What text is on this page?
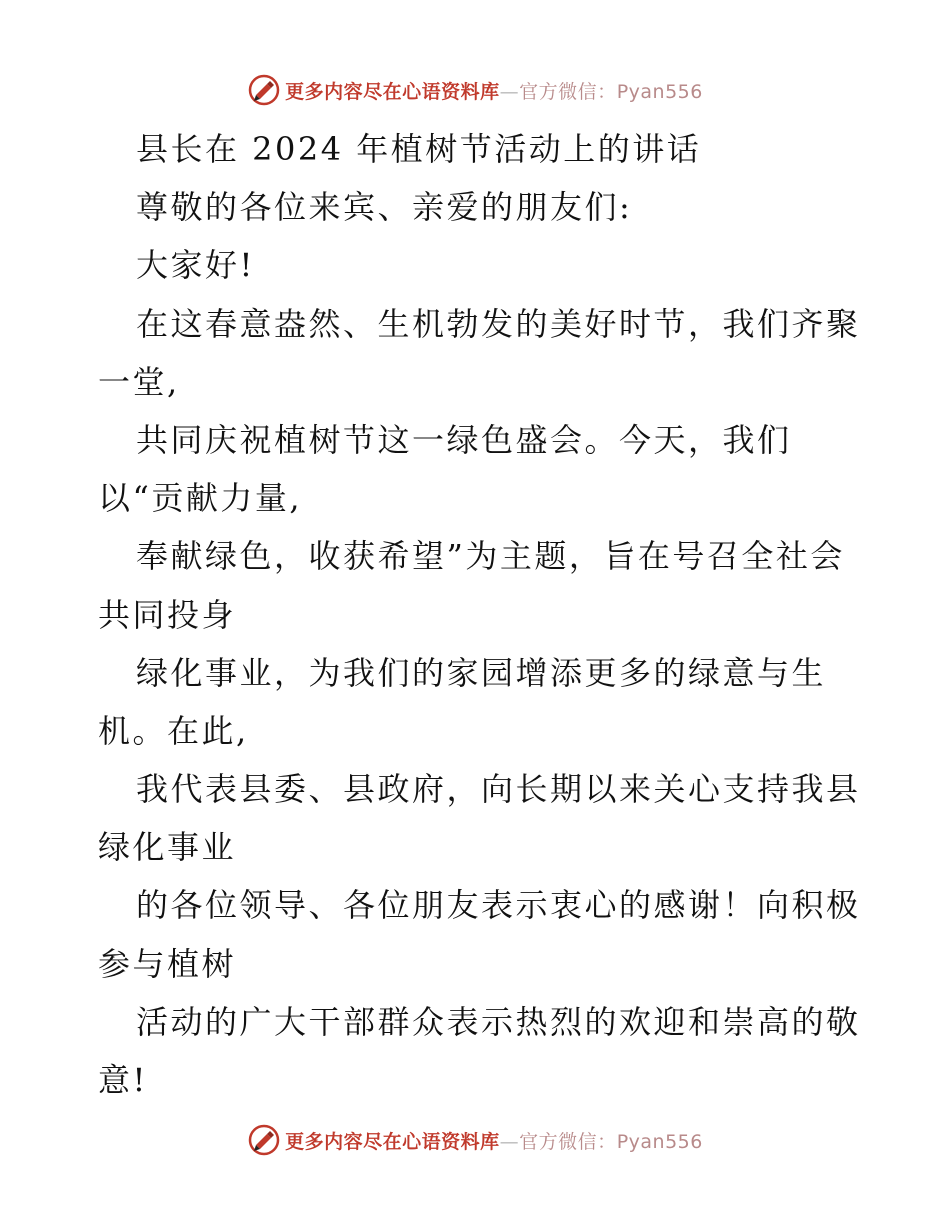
更多内容尽在心语资料库—官方微信：Pyan556
县长在 2024 年植树节活动上的讲话
尊敬的各位来宾、亲爱的朋友们:
大家好!
在这春意盎然、生机勃发的美好时节，我们齐聚
一堂,
共同庆祝植树节这一绿色盛会。今天，我们
以“贡献力量,
奉献绿色，收获希望”为主题，旨在号召全社会
共同投身
绿化事业，为我们的家园增添更多的绿意与生
机。在此,
我代表县委、县政府，向长期以来关心支持我县
绿化事业
的各位领导、各位朋友表示衷心的感谢！向积极
参与植树
活动的广大干部群众表示热烈的欢迎和崇高的敬
意!
更多内容尽在心语资料库—官方微信：Pyan556
